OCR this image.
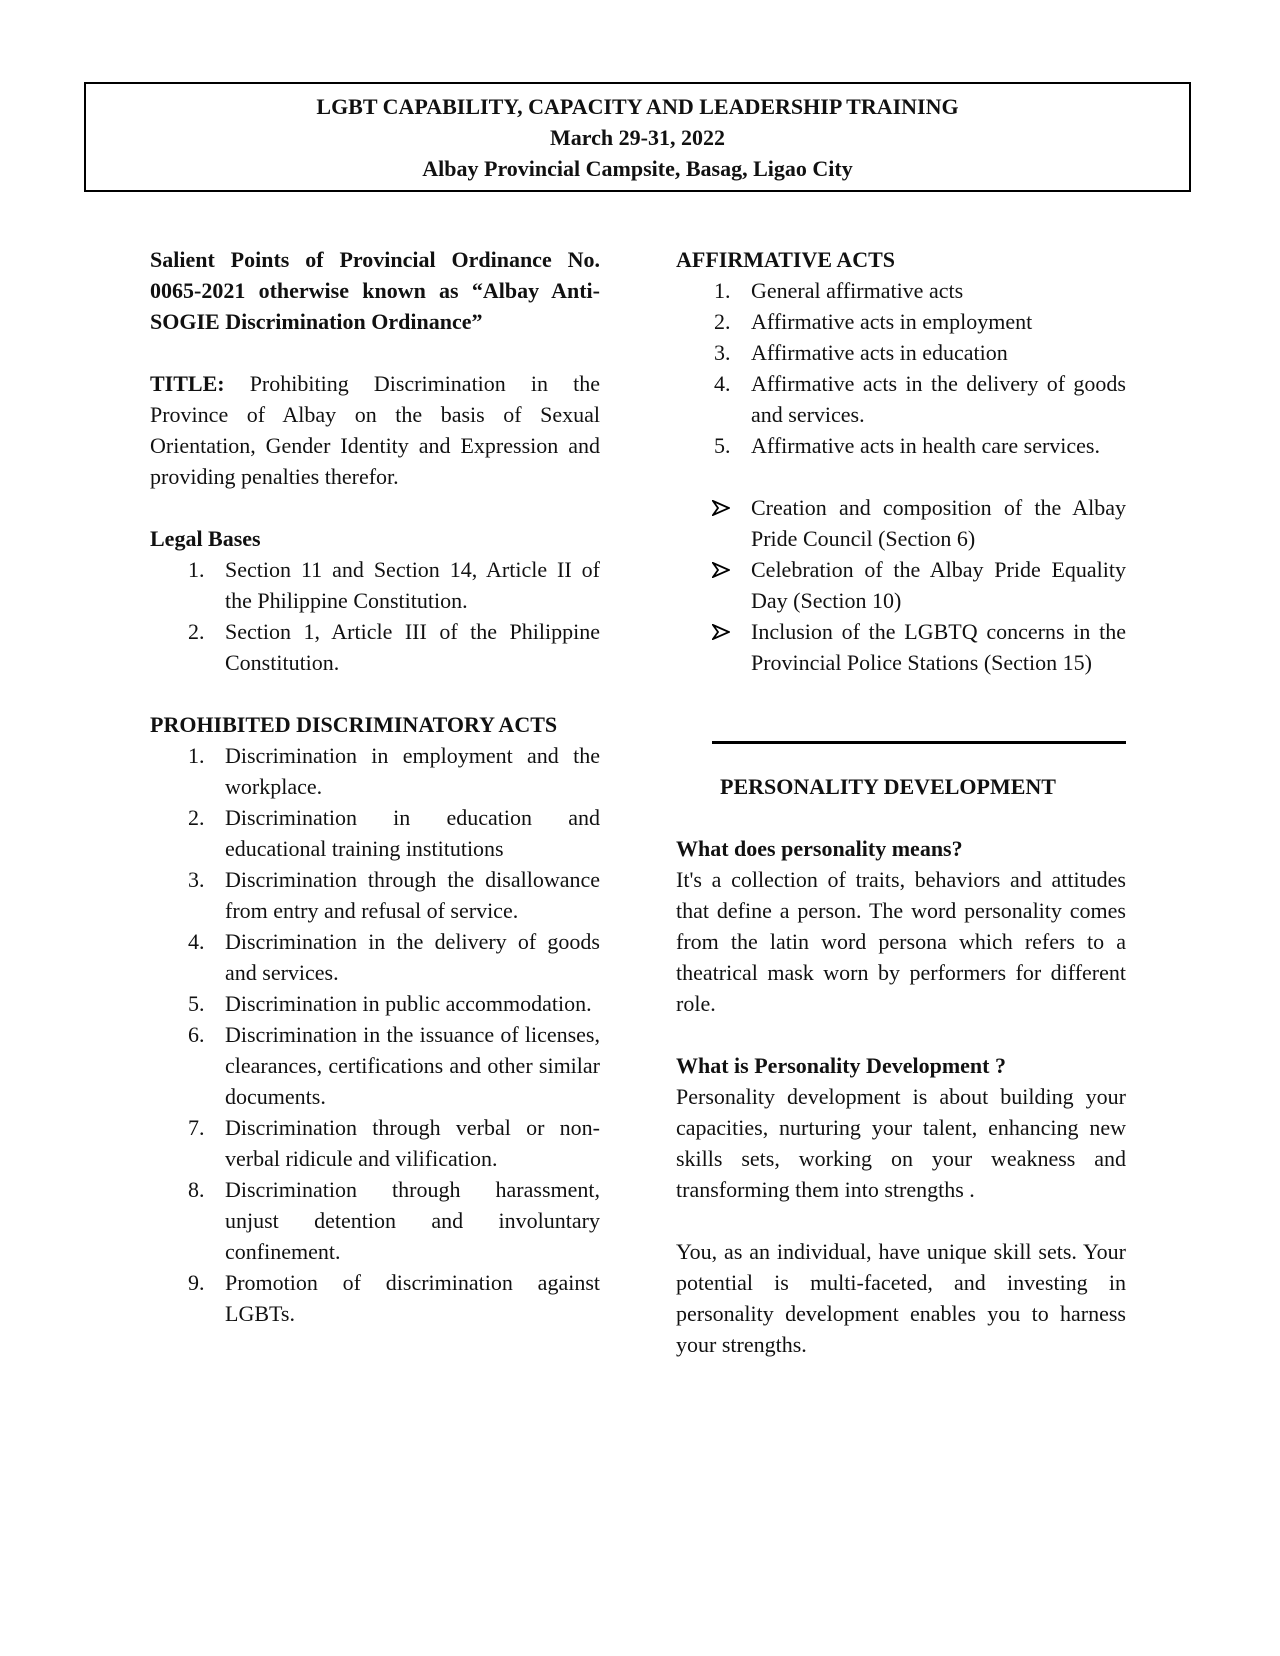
LGBT CAPABILITY, CAPACITY AND LEADERSHIP TRAINING
March 29-31, 2022
Albay Provincial Campsite, Basag, Ligao City

Salient Points of Provincial Ordinance No. 0065-2021 otherwise known as “Albay Anti-SOGIE Discrimination Ordinance”

TITLE: Prohibiting Discrimination in the Province of Albay on the basis of Sexual Orientation, Gender Identity and Expression and providing penalties therefor.

Legal Bases

1. Section 11 and Section 14, Article II of the Philippine Constitution.
2. Section 1, Article III of the Philippine Constitution.

PROHIBITED DISCRIMINATORY ACTS

1. Discrimination in employment and the workplace.
2. Discrimination in education and educational training institutions
3. Discrimination through the disallowance from entry and refusal of service.
4. Discrimination in the delivery of goods and services.
5. Discrimination in public accommodation.
6. Discrimination in the issuance of licenses, clearances, certifications and other similar documents.
7. Discrimination through verbal or non-verbal ridicule and vilification.
8. Discrimination through harassment, unjust detention and involuntary confinement.
9. Promotion of discrimination against LGBTs.

AFFIRMATIVE ACTS

1. General affirmative acts
2. Affirmative acts in employment
3. Affirmative acts in education
4. Affirmative acts in the delivery of goods and services.
5. Affirmative acts in health care services.
Creation and composition of the Albay Pride Council (Section 6)
Celebration of the Albay Pride Equality Day (Section 10)
Inclusion of the LGBTQ concerns in the Provincial Police Stations (Section 15)

PERSONALITY DEVELOPMENT

What does personality means?

It's a collection of traits, behaviors and attitudes that define a person. The word personality comes from the latin word persona which refers to a theatrical mask worn by performers for different role.

What is Personality Development ?

Personality development is about building your capacities, nurturing your talent, enhancing new skills sets, working on your weakness and transforming them into strengths .

You, as an individual, have unique skill sets. Your potential is multi-faceted, and investing in personality development enables you to harness your strengths.
